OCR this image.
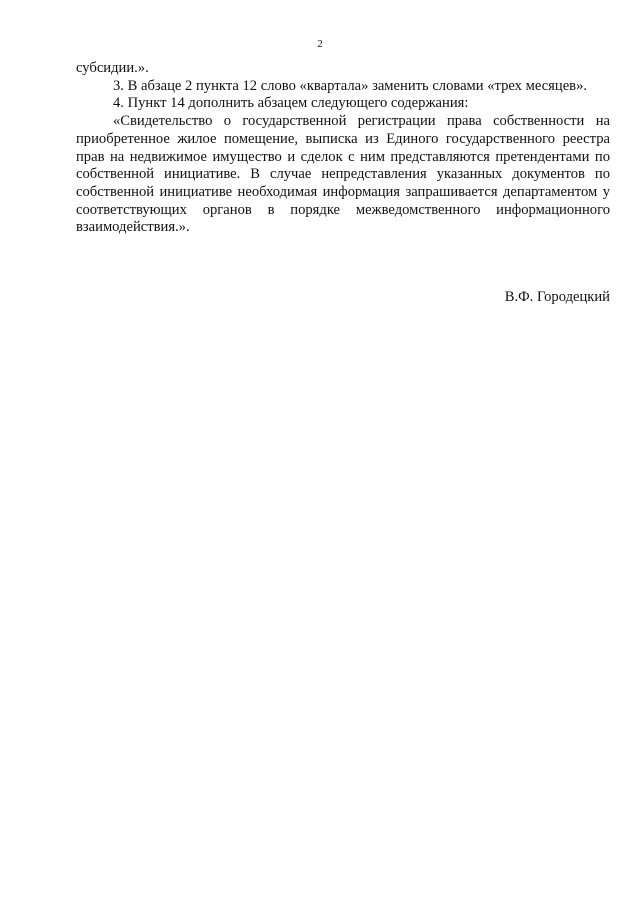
2

субсидии.».

3. В абзаце 2 пункта 12 слово «квартала» заменить словами «трех месяцев».

4. Пункт 14 дополнить абзацем следующего содержания:

«Свидетельство о государственной регистрации права собственности на приобретенное жилое помещение, выписка из Единого государственного реестра прав на недвижимое имущество и сделок с ним представляются претендентами по собственной инициативе. В случае непредставления указанных документов по собственной инициативе необходимая информация запрашивается департаментом у соответствующих органов в порядке межведомственного информационного взаимодействия.».

В.Ф. Городецкий
